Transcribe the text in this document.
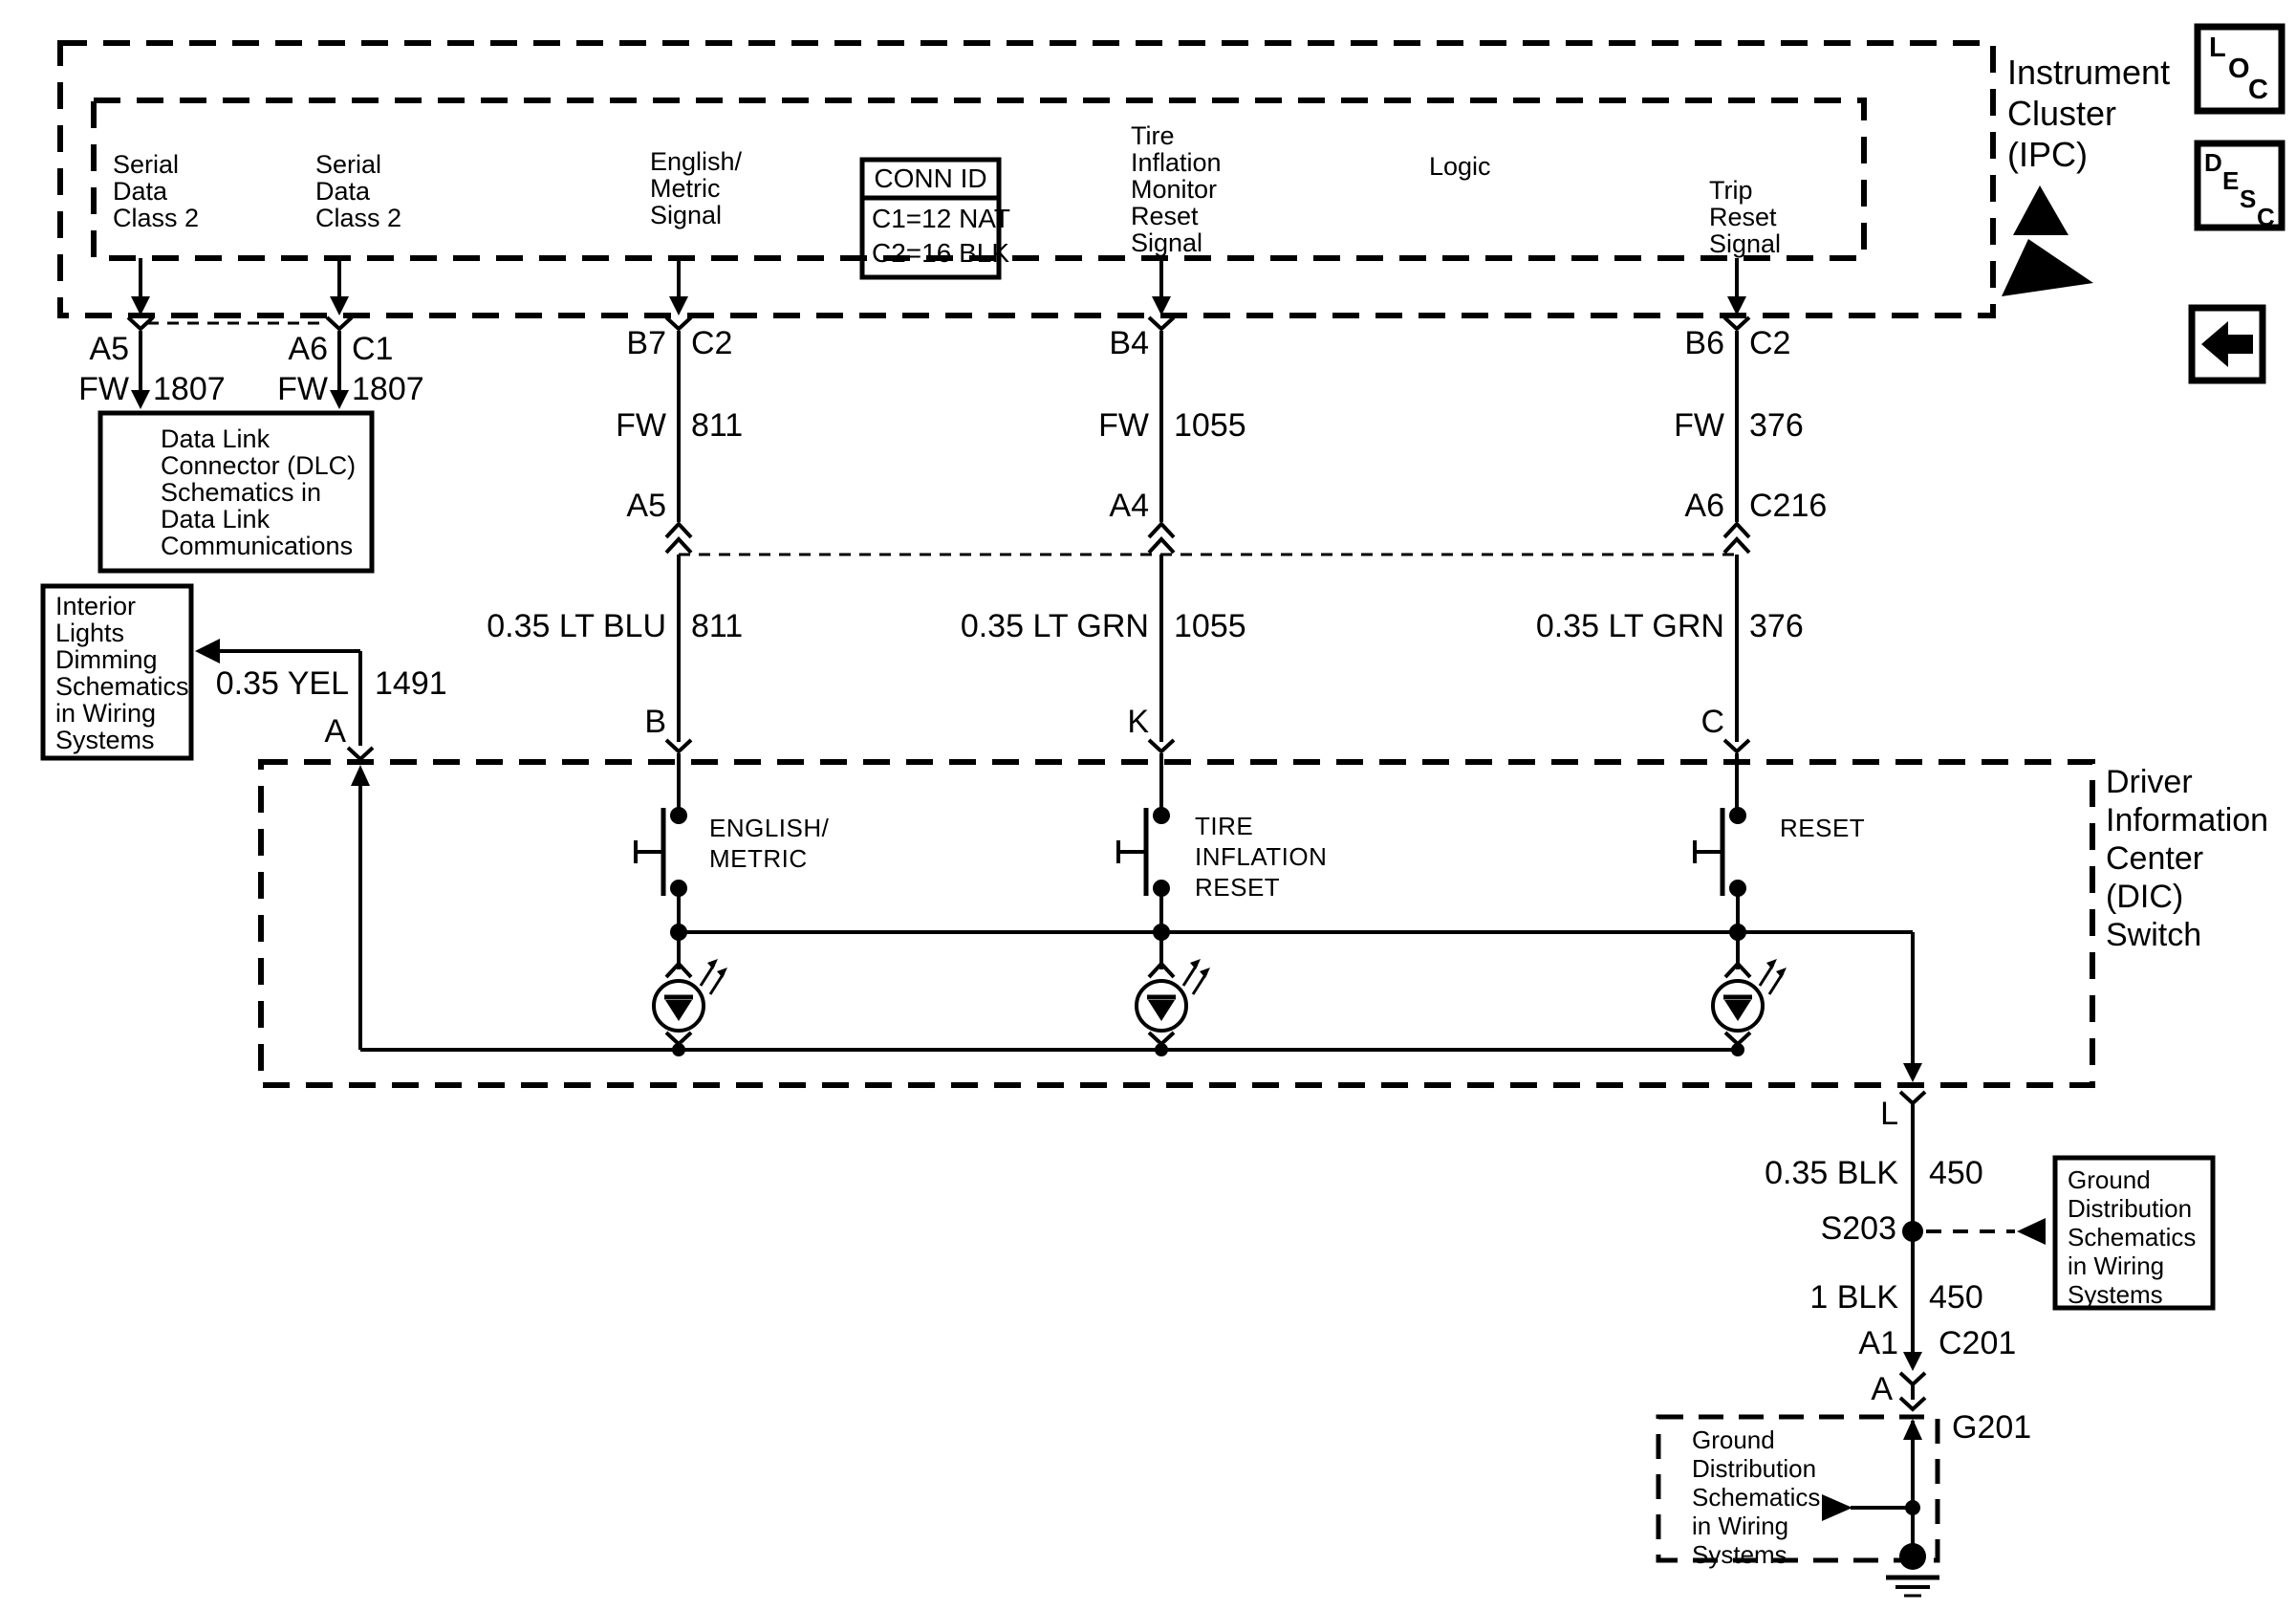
Serial
Data
Class 2
Serial
Data
Class 2
English/
Metric
Signal
Tire
Inflation
Monitor
Reset
Signal
Logic
Trip
Reset
Signal
CONN ID
C1=12 NAT
C2=16 BLK
Instrument
Cluster
(IPC)
L
O
C
D
E
S
C
A5
FW 1807
A6 C1
FW 1807
Data Link
Connector (DLC)
Schematics in
Data Link
Communications
B7 C2
FW 811
A5
0.35 LT BLU 811
B
B4
FW 1055
A4
0.35 LT GRN 1055
K
B6 C2
FW 376
A6 C216
0.35 LT GRN 376
C
Interior
Lights
Dimming
Schematics
in Wiring
Systems
0.35 YEL 1491
A
Driver
Information
Center
(DIC)
Switch
ENGLISH/
METRIC
TIRE
INFLATION
RESET
RESET
L
0.35 BLK 450
S203
1 BLK 450
A1 C201
A
G201
Ground
Distribution
Schematics
in Wiring
Systems
Ground
Distribution
Schematics
in Wiring
Systems
